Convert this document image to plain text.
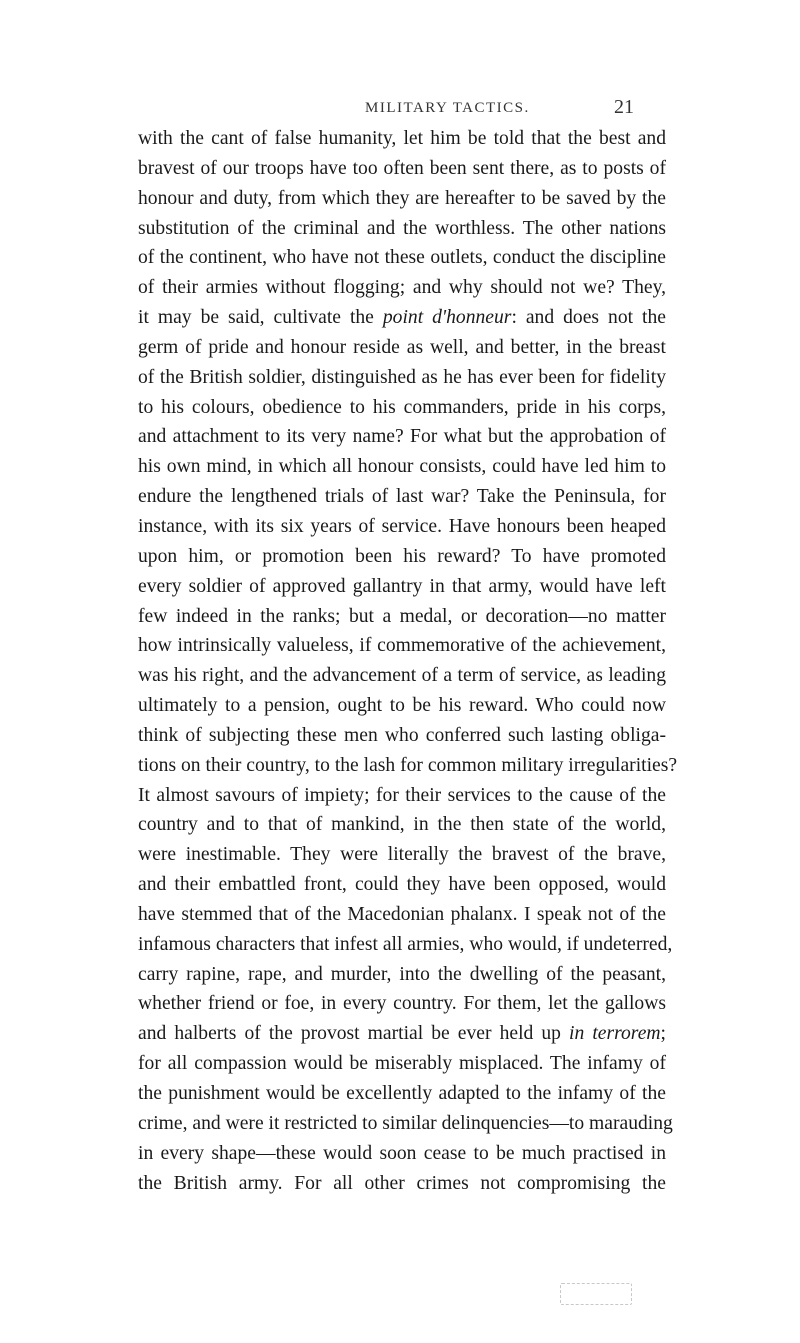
MILITARY TACTICS.	21
with the cant of false humanity, let him be told that the best and
bravest of our troops have too often been sent there, as to posts of
honour and duty, from which they are hereafter to be saved by the
substitution of the criminal and the worthless. The other nations
of the continent, who have not these outlets, conduct the discipline
of their armies without flogging; and why should not we? They,
it may be said, cultivate the point d'honneur: and does not the
germ of pride and honour reside as well, and better, in the breast
of the British soldier, distinguished as he has ever been for fidelity
to his colours, obedience to his commanders, pride in his corps,
and attachment to its very name? For what but the approbation of
his own mind, in which all honour consists, could have led him to
endure the lengthened trials of last war? Take the Peninsula, for
instance, with its six years of service. Have honours been heaped
upon him, or promotion been his reward? To have promoted
every soldier of approved gallantry in that army, would have left
few indeed in the ranks; but a medal, or decoration—no matter
how intrinsically valueless, if commemorative of the achievement,
was his right, and the advancement of a term of service, as leading
ultimately to a pension, ought to be his reward. Who could now
think of subjecting these men who conferred such lasting obliga-
tions on their country, to the lash for common military irregularities?
It almost savours of impiety; for their services to the cause of the
country and to that of mankind, in the then state of the world,
were inestimable. They were literally the bravest of the brave,
and their embattled front, could they have been opposed, would
have stemmed that of the Macedonian phalanx. I speak not of the
infamous characters that infest all armies, who would, if undeterred,
carry rapine, rape, and murder, into the dwelling of the peasant,
whether friend or foe, in every country. For them, let the gallows
and halberts of the provost martial be ever held up in terrorem;
for all compassion would be miserably misplaced. The infamy of
the punishment would be excellently adapted to the infamy of the
crime, and were it restricted to similar delinquencies—to marauding
in every shape—these would soon cease to be much practised in
the British army. For all other crimes not compromising the
